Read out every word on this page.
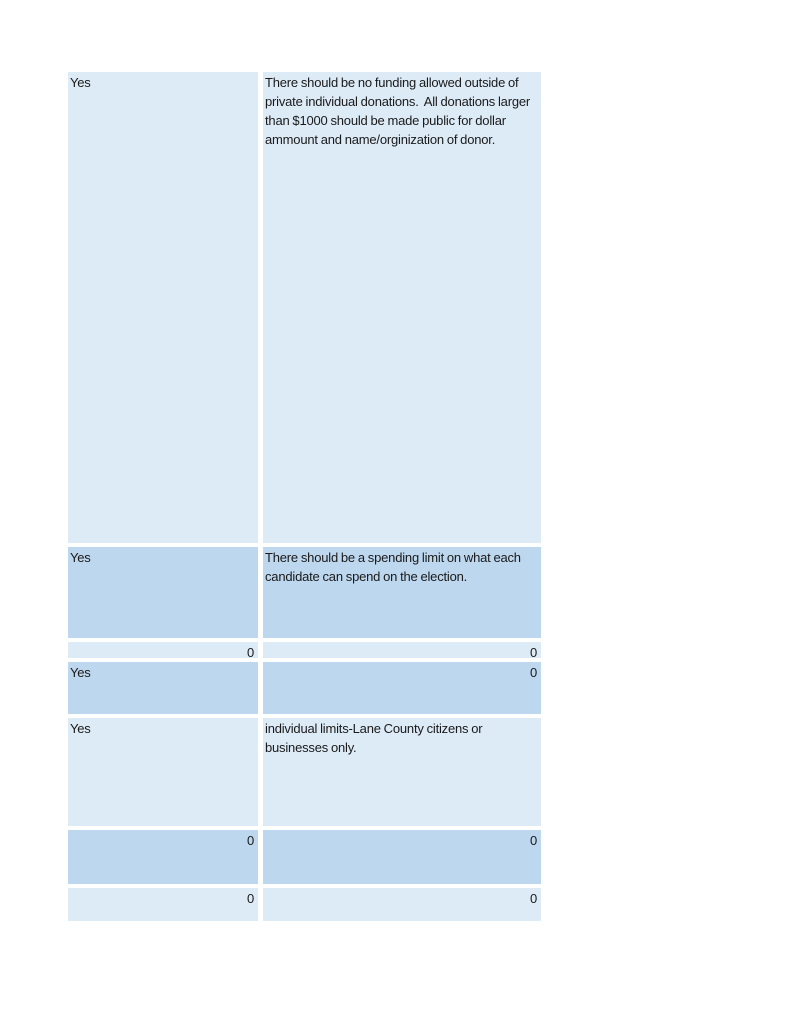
Yes	There should be no funding allowed outside of private individual donations.  All donations larger than $1000 should be made public for dollar ammount and name/orginization of donor.
Yes	There should be a spending limit on what each candidate can spend on the election.
0	0
Yes	0
Yes	individual limits-Lane County citizens or businesses only.
0	0
0	0
